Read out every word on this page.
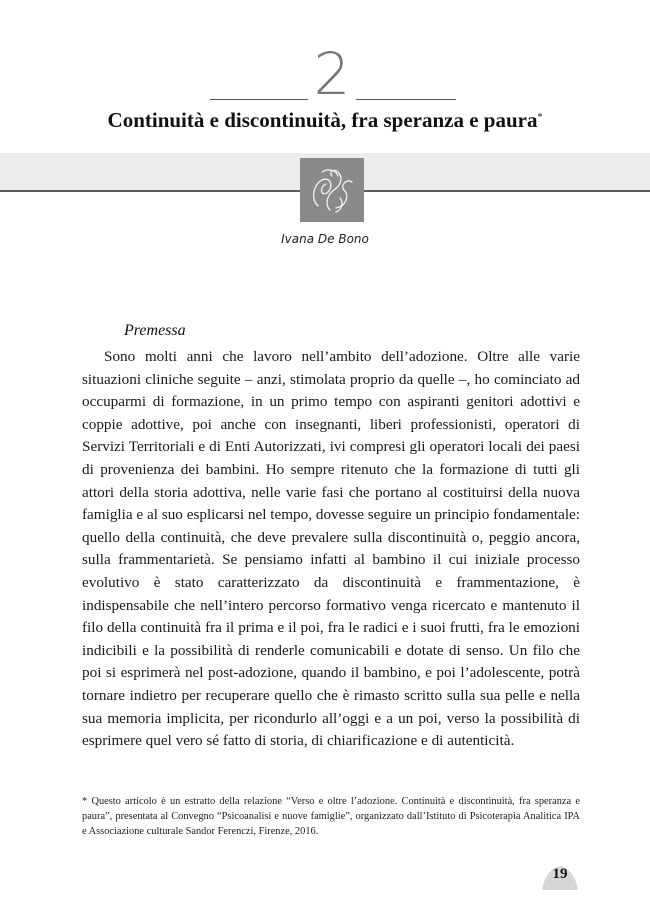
2
Continuità e discontinuità, fra speranza e paura*
Ivana De Bono
Premessa

Sono molti anni che lavoro nell’ambito dell’adozione. Oltre alle varie situazioni cliniche seguite – anzi, stimolata proprio da quelle –, ho cominciato ad occuparmi di formazione, in un primo tempo con aspiranti genitori adottivi e coppie adottive, poi anche con insegnanti, liberi professionisti, operatori di Servizi Territoriali e di Enti Autorizzati, ivi compresi gli operatori locali dei paesi di provenienza dei bambini. Ho sempre ritenuto che la formazione di tutti gli attori della storia adottiva, nelle varie fasi che portano al costituirsi della nuova famiglia e al suo esplicarsi nel tempo, dovesse seguire un principio fondamentale: quello della continuità, che deve prevalere sulla discontinuità o, peggio ancora, sulla frammentarietà. Se pensiamo infatti al bambino il cui iniziale processo evolutivo è stato caratterizzato da discontinuità e frammentazione, è indispensabile che nell’intero percorso formativo venga ricercato e mantenuto il filo della continuità fra il prima e il poi, fra le radici e i suoi frutti, fra le emozioni indicibili e la possibilità di renderle comunicabili e dotate di senso. Un filo che poi si esprimerà nel post-adozione, quando il bambino, e poi l’adolescente, potrà tornare indietro per recuperare quello che è rimasto scritto sulla sua pelle e nella sua memoria implicita, per ricondurlo all’oggi e a un poi, verso la possibilità di esprimere quel vero sé fatto di storia, di chiarificazione e di autenticità.

* Questo articolo è un estratto della relazione “Verso e oltre l’adozione. Continuità e discontinuità, fra speranza e paura”, presentata al Convegno “Psicoanalisi e nuove famiglie”, organizzato dall’Istituto di Psicoterapia Analitica IPA e Associazione culturale Sandor Ferenczi, Firenze, 2016.
19
